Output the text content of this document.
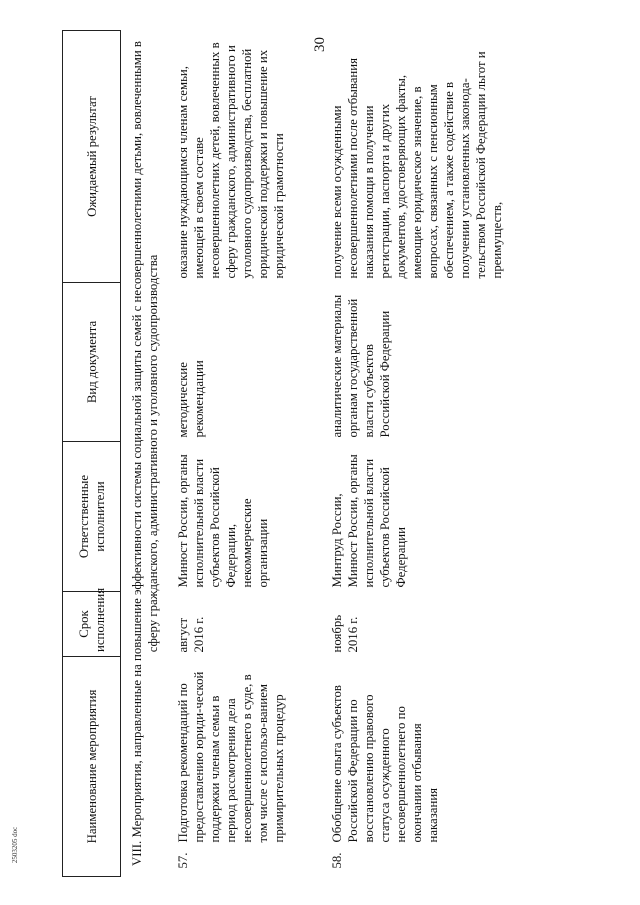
30
2503205 doc
Наименование мероприятия	Срок исполнения	Ответственные исполнители	Вид документа	Ожидаемый результат
VIII. Мероприятия, направленные на повышение эффективности системы социальной защиты семей с несовершеннолетними детьми, вовлеченными в сферу гражданского, административного и уголовного судопроизводства				

57.
Подготовка рекомендаций по предоставлению юриди-ческой поддержки членам семьи в период рассмотрения дела несовершеннолетнего в суде, в том числе с использо-ванием примирительных процедур	август 2016 г.	Минюст России, органы исполнительной власти субъектов Российской Федерации, некоммерческие организации	методические рекомендации	оказание нуждающимся членам семьи, имеющей в своем составе несовершеннолетних детей, вовлеченных в сферу гражданского, административного и уголовного судопроизводства, бесплатной юридической поддержки и повышение их юридической грамотности

58.
Обобщение опыта субъектов Российской Федерации по восстановлению правового статуса осужденного несовершеннолетнего по окончании отбывания наказания	ноябрь 2016 г.	Минтруд России, Минюст России, органы исполнительной власти субъектов Российской Федерации	аналитические материалы органам государственной власти субъектов Российской Федерации	получение всеми осужденными несовершеннолетними после отбывания наказания помощи в получении регистрации, паспорта и других документов, удостоверяющих факты, имеющие юридическое значение, в вопросах, связанных с пенсионным обеспечением, а также содействие в получении установленных законода-тельством Российской Федерации льгот и преимуществ,
